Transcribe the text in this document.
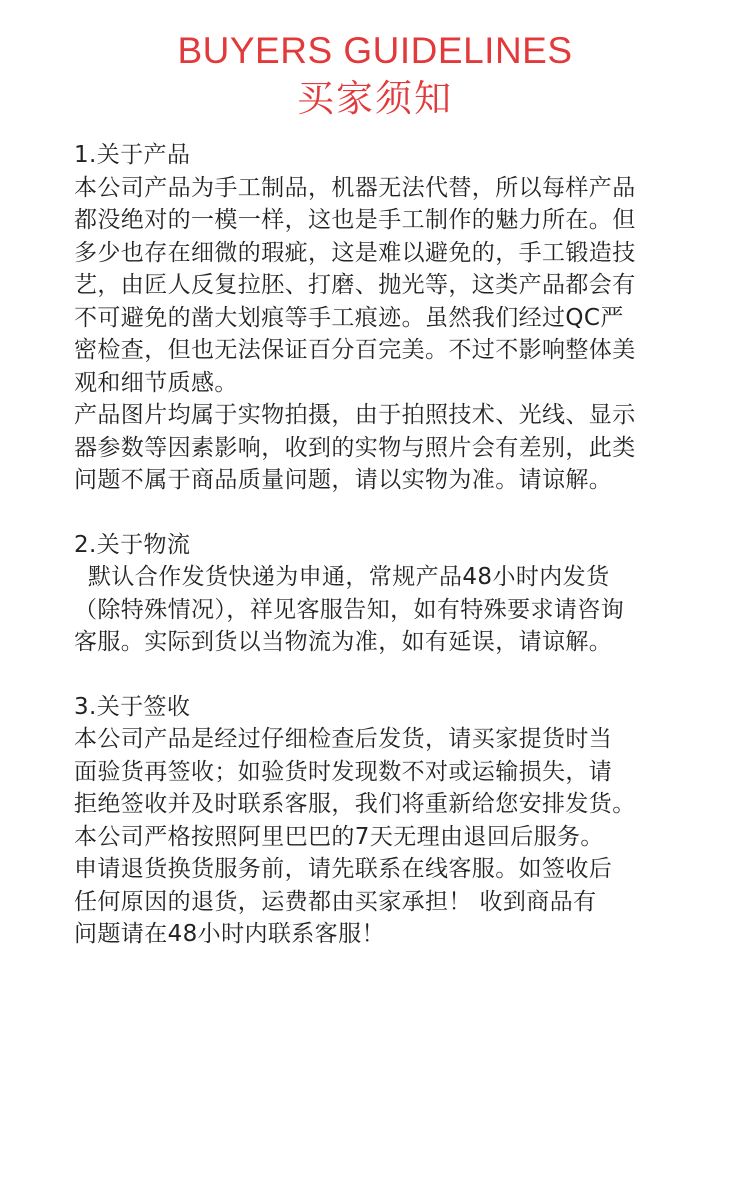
BUYERS GUIDELINES
买家须知
1.关于产品
本公司产品为手工制品，机器无法代替，所以每样产品
都没绝对的一模一样，这也是手工制作的魅力所在。但
多少也存在细微的瑕疵，这是难以避免的，手工锻造技
艺，由匠人反复拉胚、打磨、抛光等，这类产品都会有
不可避免的凿大划痕等手工痕迹。虽然我们经过QC严
密检查，但也无法保证百分百完美。不过不影响整体美
观和细节质感。
产品图片均属于实物拍摄，由于拍照技术、光线、显示
器参数等因素影响，收到的实物与照片会有差别，此类
问题不属于商品质量问题，请以实物为准。请谅解。
2.关于物流
默认合作发货快递为申通，常规产品48小时内发货
（除特殊情况），祥见客服告知，如有特殊要求请咨询
客服。实际到货以当物流为准，如有延误，请谅解。
3.关于签收
本公司产品是经过仔细检查后发货，请买家提货时当
面验货再签收；如验货时发现数不对或运输损失，请
拒绝签收并及时联系客服，我们将重新给您安排发货。
本公司严格按照阿里巴巴的7天无理由退回后服务。
申请退货换货服务前，请先联系在线客服。如签收后
任何原因的退货，运费都由买家承担！ 收到商品有
问题请在48小时内联系客服！
